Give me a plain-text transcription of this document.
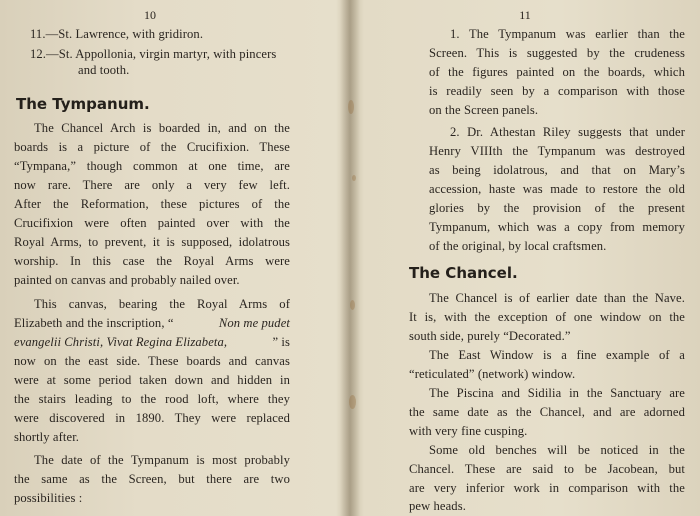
10
11.—St. Lawrence, with gridiron.
12.—St. Appollonia, virgin martyr, with pincers
and tooth.
The Tympanum.
The Chancel Arch is boarded in, and on the
boards is a picture of the Crucifixion. These
“Tympana,” though common at one time, are
now rare. There are only a very few left.
After the Reformation, these pictures of the
Crucifixion were often painted over with the
Royal Arms, to prevent, it is supposed, idolatrous
worship. In this case the Royal Arms were
painted on canvas and probably nailed over.
This canvas, bearing the Royal Arms of
Elizabeth and the inscription, “	Non me pudet
evangelii Christi, Vivat Regina Elizabeta,	” is
now on the east side. These boards and canvas
were at some period taken down and hidden in
the stairs leading to the rood loft, where they
were discovered in 1890. They were replaced
shortly after.
The date of the Tympanum is most probably
the same as the Screen, but there are two
possibilities :
11
1. The Tympanum was earlier than the
Screen. This is suggested by the crudeness
of the figures painted on the boards, which
is readily seen by a comparison with those
on the Screen panels.
2. Dr. Athestan Riley suggests that under
Henry VIIIth the Tympanum was destroyed
as being idolatrous, and that on Mary’s
accession, haste was made to restore the old
glories by the provision of the present
Tympanum, which was a copy from memory
of the original, by local craftsmen.
The Chancel.
The Chancel is of earlier date than the Nave.
It is, with the exception of one window on the
south side, purely “Decorated.”
The East Window is a fine example of a
“reticulated” (network) window.
The Piscina and Sidilia in the Sanctuary are
the same date as the Chancel, and are adorned
with very fine cusping.
Some old benches will be noticed in the
Chancel. These are said to be Jacobean, but
are very inferior work in comparison with the
pew heads.
